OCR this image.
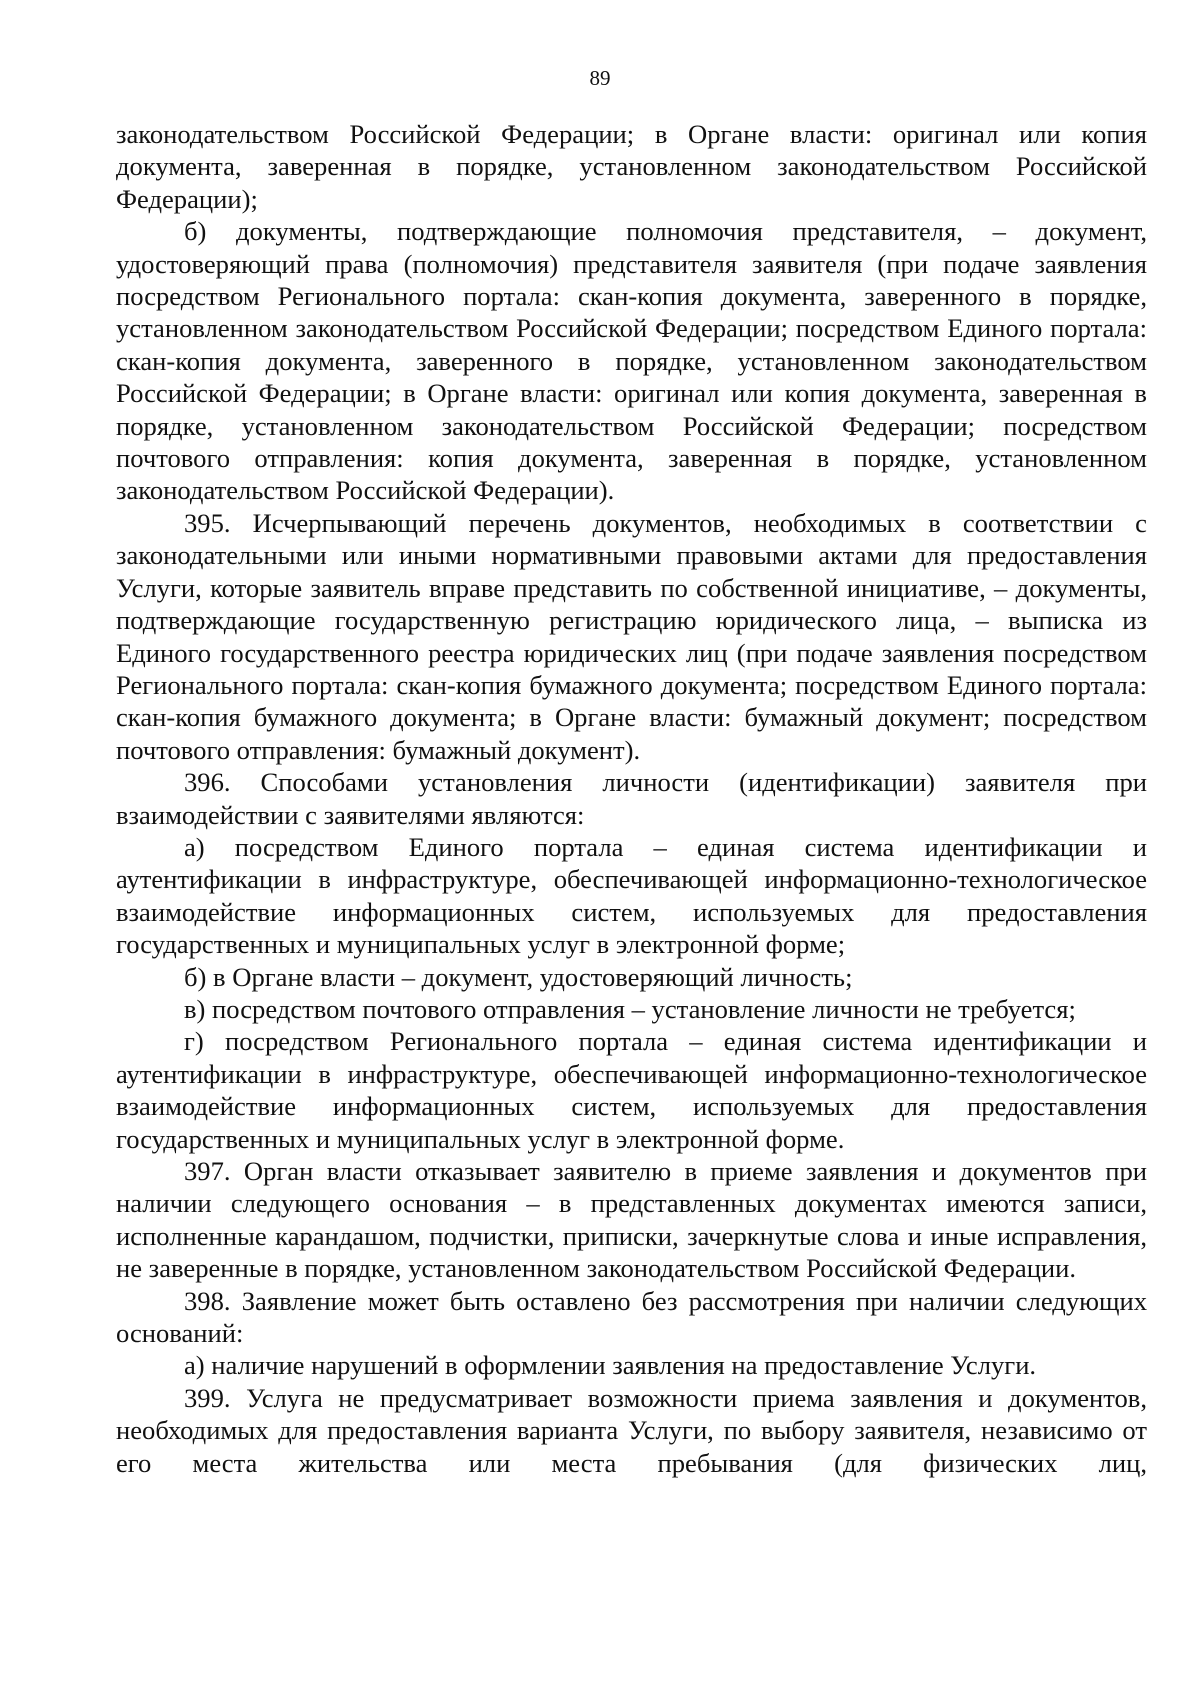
89

законодательством Российской Федерации; в Органе власти: оригинал или копия документа, заверенная в порядке, установленном законодательством Российской Федерации);

б) документы, подтверждающие полномочия представителя, – документ, удостоверяющий права (полномочия) представителя заявителя (при подаче заявления посредством Регионального портала: скан-копия документа, заверенного в порядке, установленном законодательством Российской Федерации; посредством Единого портала: скан-копия документа, заверенного в порядке, установленном законодательством Российской Федерации; в Органе власти: оригинал или копия документа, заверенная в порядке, установленном законодательством Российской Федерации; посредством почтового отправления: копия документа, заверенная в порядке, установленном законодательством Российской Федерации).

395. Исчерпывающий перечень документов, необходимых в соответствии с законодательными или иными нормативными правовыми актами для предоставления Услуги, которые заявитель вправе представить по собственной инициативе, – документы, подтверждающие государственную регистрацию юридического лица, – выписка из Единого государственного реестра юридических лиц (при подаче заявления посредством Регионального портала: скан-копия бумажного документа; посредством Единого портала: скан-копия бумажного документа; в Органе власти: бумажный документ; посредством почтового отправления: бумажный документ).

396. Способами установления личности (идентификации) заявителя при взаимодействии с заявителями являются:

а) посредством Единого портала – единая система идентификации и аутентификации в инфраструктуре, обеспечивающей информационно-технологическое взаимодействие информационных систем, используемых для предоставления государственных и муниципальных услуг в электронной форме;

б) в Органе власти – документ, удостоверяющий личность;

в) посредством почтового отправления – установление личности не требуется;

г) посредством Регионального портала – единая система идентификации и аутентификации в инфраструктуре, обеспечивающей информационно-технологическое взаимодействие информационных систем, используемых для предоставления государственных и муниципальных услуг в электронной форме.

397. Орган власти отказывает заявителю в приеме заявления и документов при наличии следующего основания – в представленных документах имеются записи, исполненные карандашом, подчистки, приписки, зачеркнутые слова и иные исправления, не заверенные в порядке, установленном законодательством Российской Федерации.

398. Заявление может быть оставлено без рассмотрения при наличии следующих оснований:

а) наличие нарушений в оформлении заявления на предоставление Услуги.

399. Услуга не предусматривает возможности приема заявления и документов, необходимых для предоставления варианта Услуги, по выбору заявителя, независимо от его места жительства или места пребывания (для физических лиц,
